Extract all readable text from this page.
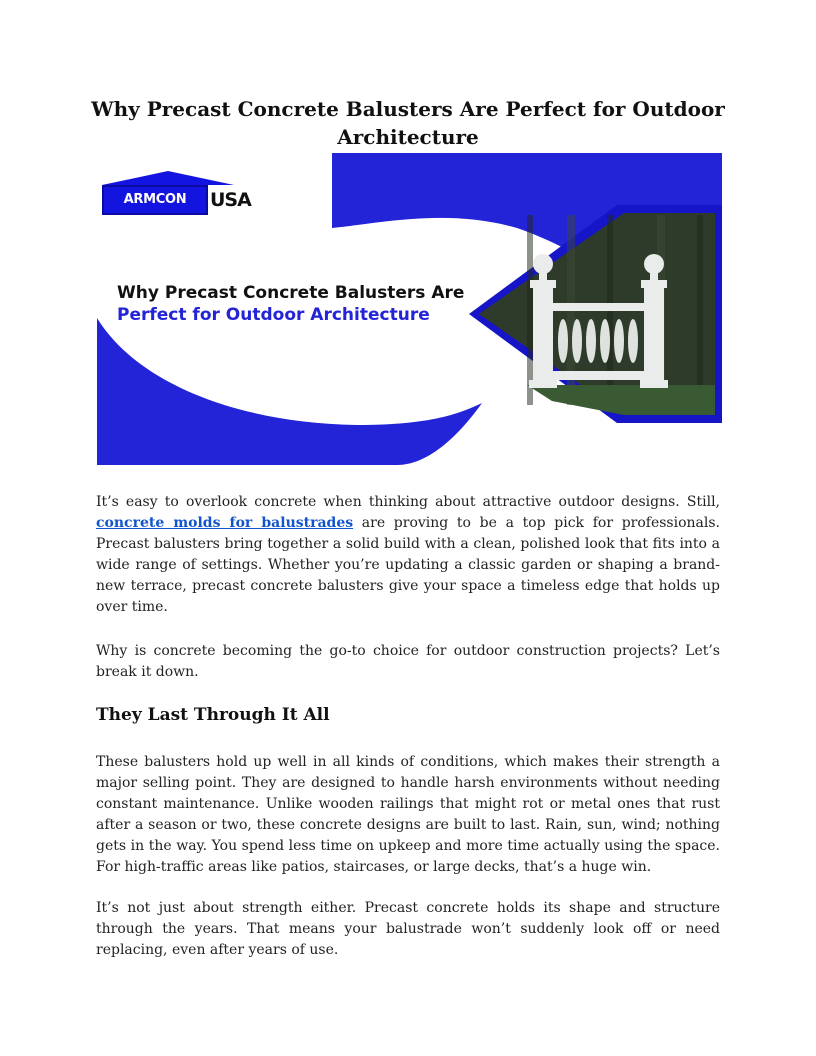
Why Precast Concrete Balusters Are Perfect for Outdoor Architecture
ARMCON MOLDS
USA
Why Precast Concrete Balusters Are
Perfect for Outdoor Architecture

It’s easy to overlook concrete when thinking about attractive outdoor designs. Still, concrete molds for balustrades are proving to be a top pick for professionals. Precast balusters bring together a solid build with a clean, polished look that fits into a wide range of settings. Whether you’re updating a classic garden or shaping a brand-new terrace, precast concrete balusters give your space a timeless edge that holds up over time.

Why is concrete becoming the go-to choice for outdoor construction projects? Let’s break it down.

They Last Through It All

These balusters hold up well in all kinds of conditions, which makes their strength a major selling point. They are designed to handle harsh environments without needing constant maintenance. Unlike wooden railings that might rot or metal ones that rust after a season or two, these concrete designs are built to last. Rain, sun, wind; nothing gets in the way. You spend less time on upkeep and more time actually using the space. For high-traffic areas like patios, staircases, or large decks, that’s a huge win.

It’s not just about strength either. Precast concrete holds its shape and structure through the years. That means your balustrade won’t suddenly look off or need replacing, even after years of use.
